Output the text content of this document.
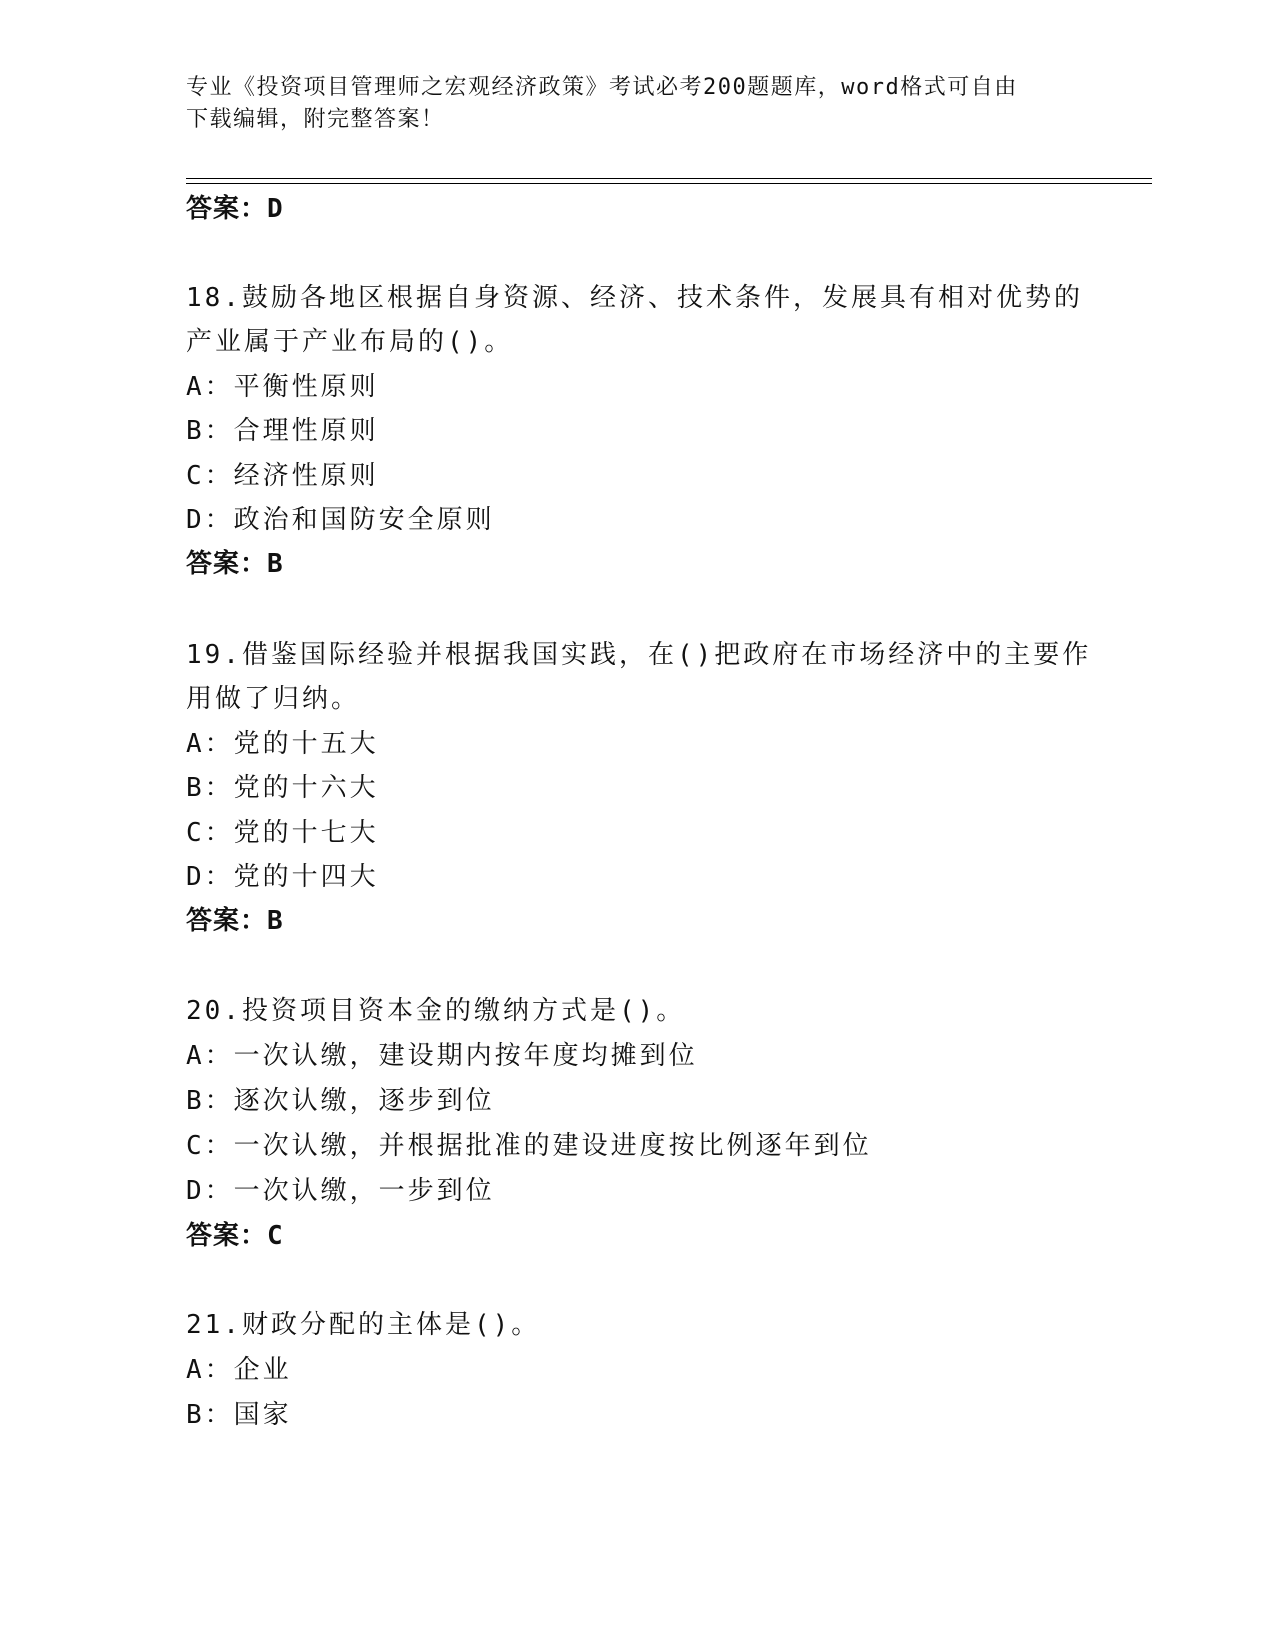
专业《投资项目管理师之宏观经济政策》考试必考200题题库，word格式可自由
下载编辑，附完整答案！
答案：D
18.鼓励各地区根据自身资源、经济、技术条件，发展具有相对优势的
产业属于产业布局的()。
A：平衡性原则
B：合理性原则
C：经济性原则
D：政治和国防安全原则
答案：B
19.借鉴国际经验并根据我国实践，在()把政府在市场经济中的主要作
用做了归纳。
A：党的十五大
B：党的十六大
C：党的十七大
D：党的十四大
答案：B
20.投资项目资本金的缴纳方式是()。
A：一次认缴，建设期内按年度均摊到位
B：逐次认缴，逐步到位
C：一次认缴，并根据批准的建设进度按比例逐年到位
D：一次认缴，一步到位
答案：C
21.财政分配的主体是()。
A：企业
B：国家
